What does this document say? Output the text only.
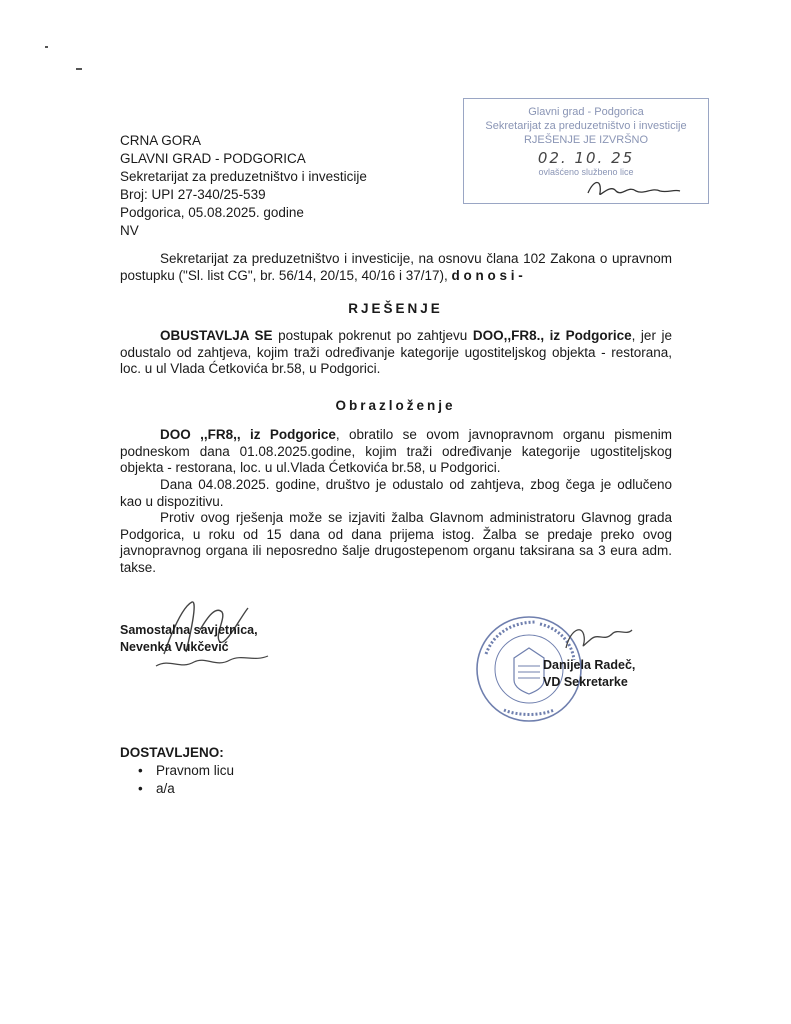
CRNA GORA
GLAVNI GRAD - PODGORICA
Sekretarijat za preduzetništvo i investicije
Broj: UPI 27-340/25-539
Podgorica, 05.08.2025. godine
NV
Glavni grad - Podgorica
Sekretarijat za preduzetništvo i investicije
RJEŠENJE JE IZVRŠNO
02. 10. 25
ovlašćeno službeno lice
Sekretarijat za preduzetništvo i investicije, na osnovu člana 102 Zakona o upravnom postupku ("Sl. list CG", br. 56/14, 20/15, 40/16 i 37/17), d o n o s i -
RJEŠENJE
OBUSTAVLJA SE postupak pokrenut po zahtjevu DOO,,FR8., iz Podgorice, jer je odustalo od zahtjeva, kojim traži određivanje kategorije ugostiteljskog objekta - restorana, loc. u ul Vlada Ćetkovića br.58, u Podgorici.
Obrazloženje
DOO ,,FR8,, iz Podgorice, obratilo se ovom javnopravnom organu pismenim podneskom dana 01.08.2025.godine, kojim traži određivanje kategorije ugostiteljskog objekta - restorana, loc. u ul.Vlada Ćetkovića br.58, u Podgorici.
Dana 04.08.2025. godine, društvo je odustalo od zahtjeva, zbog čega je odlučeno kao u dispozitivu.
Protiv ovog rješenja može se izjaviti žalba Glavnom administratoru Glavnog grada Podgorica, u roku od 15 dana od dana prijema istog. Žalba se predaje preko ovog javnopravnog organa ili neposredno šalje drugostepenom organu taksirana sa 3 eura adm. takse.
Samostalna savjetnica,
Nevenka Vukčević
Danijela Radeč,
VD Sekretarke
DOSTAVLJENO:
• Pravnom licu
• a/a
